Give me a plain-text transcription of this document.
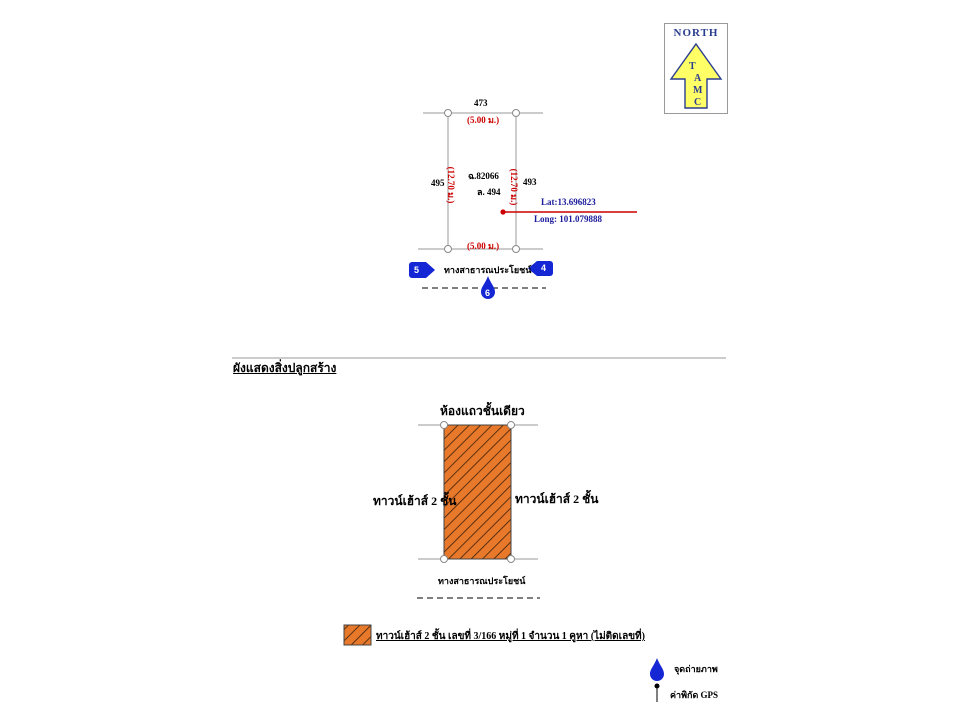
NORTH
T
A
M
C
473
(5.00 ม.)
495	493
(12.70 ม.)	(12.70 ม.)
ฉ.82066
ล. 494
Lat:13.696823
Long: 101.079888
(5.00 ม.)
ทางสาธารณประโยชน์
5	4
6
ผังแสดงสิ่งปลูกสร้าง
ห้องแถวชั้นเดียว
ทาวน์เฮ้าส์ 2 ชั้น	ทาวน์เฮ้าส์ 2 ชั้น
ทางสาธารณประโยชน์
ทาวน์เฮ้าส์ 2 ชั้น เลขที่ 3/166 หมู่ที่ 1 จำนวน 1 คูหา (ไม่ติดเลขที่)
จุดถ่ายภาพ
ค่าพิกัด GPS
